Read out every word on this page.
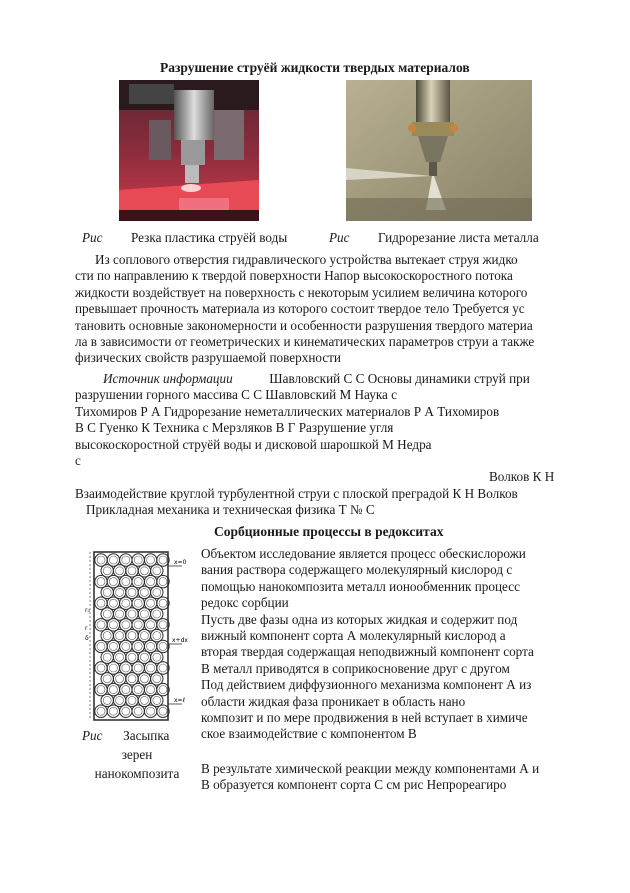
Разрушение струёй жидкости твердых материалов
Рис Резка пластика струёй воды	Рис Гидрорезание листа металла
Из соплового отверстия гидравлического устройства вытекает струя жидко
сти по направлению к твердой поверхности Напор высокоскоростного потока
жидкости воздействует на поверхность с некоторым усилием величина которого
превышает прочность материала из которого состоит твердое тело Требуется ус
тановить основные закономерности и особенности разрушения твердого материа
ла в зависимости от геометрических и кинематических параметров струи а также
физических свойств разрушаемой поверхности
Источник информации	Шавловский С С Основы динамики струй при
разрушении горного массива С С Шавловский М Наука с
Тихомиров Р А Гидрорезание неметаллических материалов Р А Тихомиров
В С Гуенко К Техника с Мерзляков В Г Разрушение угля
высокоскоростной струёй воды и дисковой шарошкой М Недра
с
Волков К Н
Взаимодействие круглой турбулентной струи с плоской преградой К Н Волков
Прикладная механика и техническая физика Т № С
Сорбционные процессы в редокситах
x=0
x=ℓ
r₀
r
δ	x+dx
Рис Засыпка
зерен
нанокомпозита
Объектом исследование является процесс обескислорожи
вания раствора содержащего молекулярный кислород с
помощью нанокомпозита металл ионообменник процесс
редокс сорбции
Пусть две фазы одна из которых жидкая и содержит под
вижный компонент сорта А молекулярный кислород а
вторая твердая содержащая неподвижный компонент сорта
В металл приводятся в соприкосновение друг с другом
Под действием диффузионного механизма компонент А из
области жидкая фаза проникает в область нано
композит и по мере продвижения в ней вступает в химиче
ское взаимодействие с компонентом В
В результате химической реакции между компонентами А и
В образуется компонент сорта С см рис Непрореагиро
